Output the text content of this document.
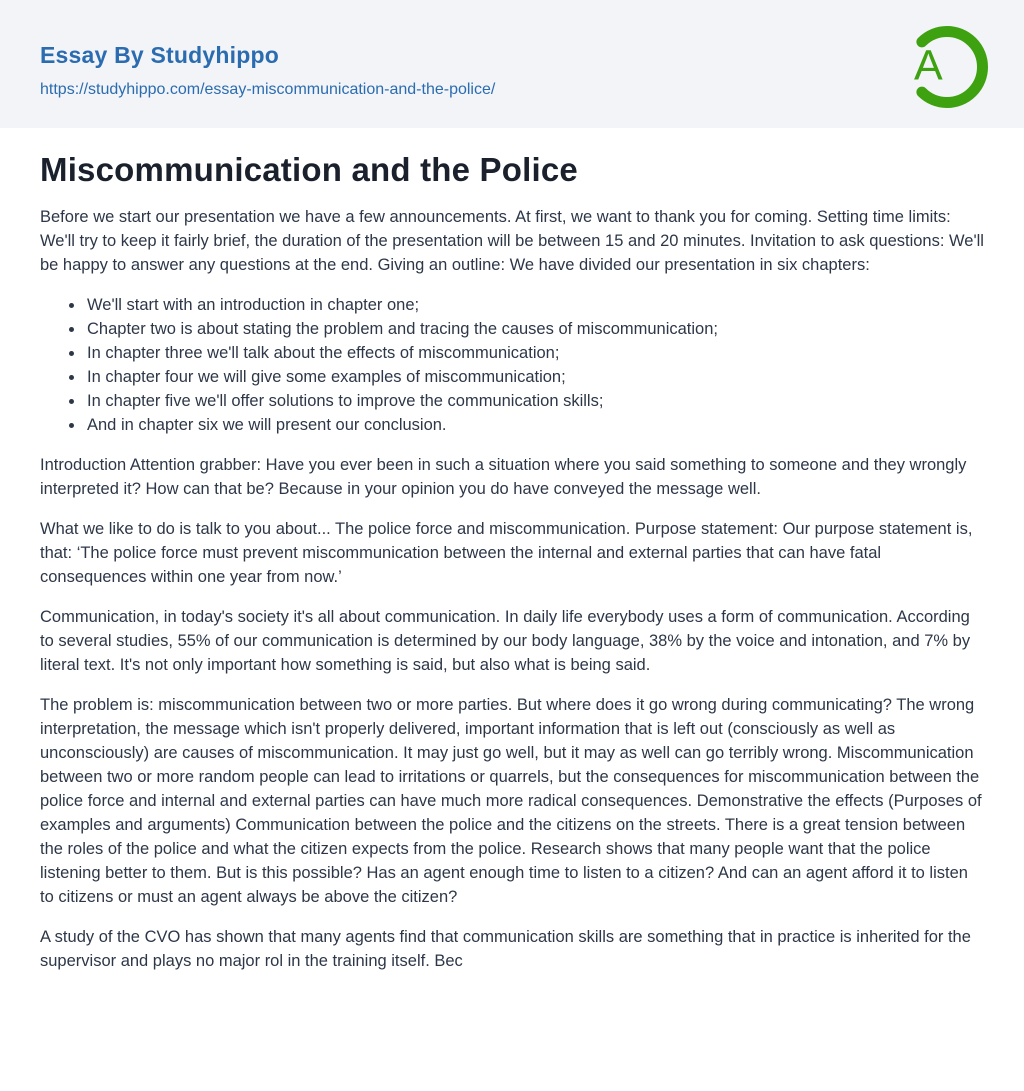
Essay By Studyhippo
https://studyhippo.com/essay-miscommunication-and-the-police/	A
Miscommunication and the Police

Before we start our presentation we have a few announcements. At first, we want to thank you for coming. Setting time limits: We'll try to keep it fairly brief, the duration of the presentation will be between 15 and 20 minutes. Invitation to ask questions: We'll be happy to answer any questions at the end. Giving an outline: We have divided our presentation in six chapters:

We'll start with an introduction in chapter one;
Chapter two is about stating the problem and tracing the causes of miscommunication;
In chapter three we'll talk about the effects of miscommunication;
In chapter four we will give some examples of miscommunication;
In chapter five we'll offer solutions to improve the communication skills;
And in chapter six we will present our conclusion.

Introduction Attention grabber: Have you ever been in such a situation where you said something to someone and they wrongly interpreted it? How can that be? Because in your opinion you do have conveyed the message well.

What we like to do is talk to you about... The police force and miscommunication. Purpose statement: Our purpose statement is, that: ‘The police force must prevent miscommunication between the internal and external parties that can have fatal consequences within one year from now.’

Communication, in today's society it's all about communication. In daily life everybody uses a form of communication. According to several studies, 55% of our communication is determined by our body language, 38% by the voice and intonation, and 7% by literal text. It's not only important how something is said, but also what is being said.

The problem is: miscommunication between two or more parties. But where does it go wrong during communicating? The wrong interpretation, the message which isn't properly delivered, important information that is left out (consciously as well as unconsciously) are causes of miscommunication. It may just go well, but it may as well can go terribly wrong. Miscommunication between two or more random people can lead to irritations or quarrels, but the consequences for miscommunication between the police force and internal and external parties can have much more radical consequences. Demonstrative the effects (Purposes of examples and arguments) Communication between the police and the citizens on the streets. There is a great tension between the roles of the police and what the citizen expects from the police. Research shows that many people want that the police listening better to them. But is this possible? Has an agent enough time to listen to a citizen? And can an agent afford it to listen to citizens or must an agent always be above the citizen?

A study of the CVO has shown that many agents find that communication skills are something that in practice is inherited for the supervisor and plays no major rol in the training itself. Bec
